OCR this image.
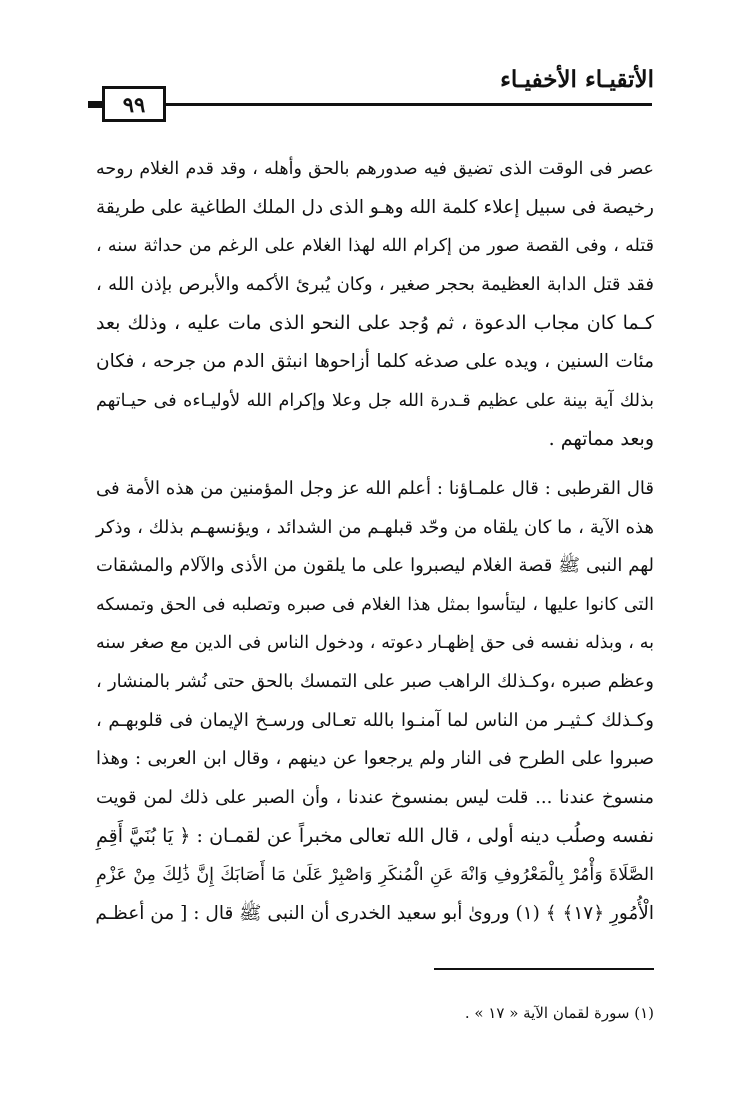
الأتقيـاء الأخفيـاء
٩٩
عصر فى الوقت الذى تضيق فيه صدورهم بالحق وأهله ، وقد قدم الغلام روحه
رخيصة فى سبيل إعلاء كلمة الله وهـو الذى دل الملك الطاغية على طريقة
قتله ، وفى القصة صور من إكرام الله لهذا الغلام على الرغم من حداثة سنه ،
فقد قتل الدابة العظيمة بحجر صغير ، وكان يُبرئ الأكمه والأبرص بإذن الله ،
كـما كان مجاب الدعوة ، ثم وُجد على النحو الذى مات عليه ، وذلك بعد
مئات السنين ، ويده على صدغه كلما أزاحوها انبثق الدم من جرحه ، فكان
بذلك آية بينة على عظيم قـدرة الله جل وعلا وإكرام الله لأوليـاءه فى حيـاتهم
وبعد مماتهم .
قال القرطبى : قال علمـاؤنا : أعلم الله عز وجل المؤمنين من هذه الأمة فى
هذه الآية ، ما كان يلقاه من وحّد قبلهـم من الشدائد ، ويؤنسهـم بذلك ، وذكر
لهم النبى ﷺ قصة الغلام ليصبروا على ما يلقون من الأذى والآلام والمشقات
التى كانوا عليها ، ليتأسوا بمثل هذا الغلام فى صبره وتصلبه فى الحق وتمسكه
به ، وبذله نفسه فى حق إظهـار دعوته ، ودخول الناس فى الدين مع صغر سنه
وعظم صبره ،وكـذلك الراهب صبر على التمسك بالحق حتى نُشر بالمنشار ،
وكـذلك كـثيـر من الناس لما آمنـوا بالله تعـالى ورسـخ الإيمان فى قلوبهـم ،
صبروا على الطرح فى النار ولم يرجعوا عن دينهم ، وقال ابن العربى : وهذا
منسوخ عندنا ... قلت ليس بمنسوخ عندنا ، وأن الصبر على ذلك لمن قويت
نفسه وصلُب دينه أولى ، قال الله تعالى مخبراً عن لقمـان : ﴿ يَا بُنَيَّ أَقِمِ
الصَّلَاةَ وَأْمُرْ بِالْمَعْرُوفِ وَانْهَ عَنِ الْمُنكَرِ وَاصْبِرْ عَلَىٰ مَا أَصَابَكَ إِنَّ ذَٰلِكَ مِنْ عَزْمِ
الْأُمُورِ ﴿١٧﴾ ﴾ (١) وروىٰ أبو سعيد الخدرى أن النبى ﷺ قال : [ من أعظـم
(١) سورة لقمان الآية « ١٧ » .
